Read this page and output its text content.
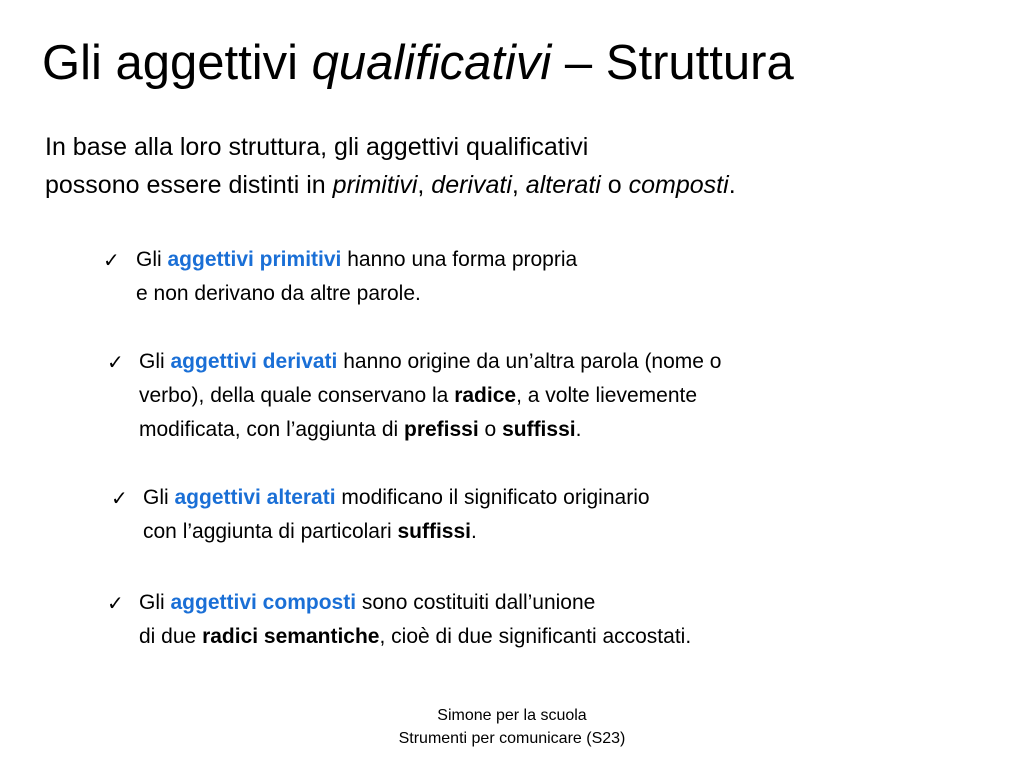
Gli aggettivi qualificativi – Struttura
In base alla loro struttura, gli aggettivi qualificativi
possono essere distinti in primitivi, derivati, alterati o composti.
✓ Gli aggettivi primitivi hanno una forma propria
e non derivano da altre parole.
✓ Gli aggettivi derivati hanno origine da un’altra parola (nome o
verbo), della quale conservano la radice, a volte lievemente
modificata, con l’aggiunta di prefissi o suffissi.
✓ Gli aggettivi alterati modificano il significato originario
con l’aggiunta di particolari suffissi.
✓ Gli aggettivi composti sono costituiti dall’unione
di due radici semantiche, cioè di due significanti accostati.
Simone per la scuola
Strumenti per comunicare (S23)
